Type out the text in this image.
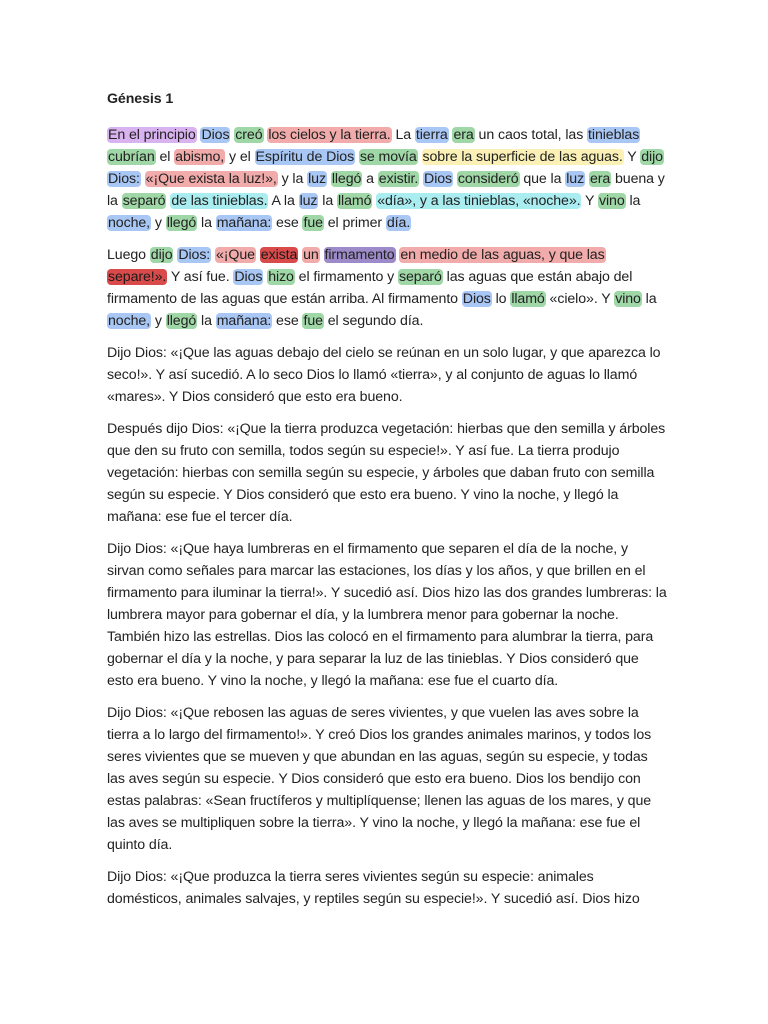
Génesis 1

En el principio Dios creó los cielos y la tierra. La tierra era un caos total, las tinieblas cubrían el abismo, y el Espíritu de Dios se movía sobre la superficie de las aguas. Y dijo Dios: «¡Que exista la luz!», y la luz llegó a existir. Dios consideró que la luz era buena y la separó de las tinieblas. A la luz la llamó «día», y a las tinieblas, «noche». Y vino la noche, y llegó la mañana: ese fue el primer día.

Luego dijo Dios: «¡Que exista un firmamento en medio de las aguas, y que las separe!». Y así fue. Dios hizo el firmamento y separó las aguas que están abajo del firmamento de las aguas que están arriba. Al firmamento Dios lo llamó «cielo». Y vino la noche, y llegó la mañana: ese fue el segundo día.

Dijo Dios: «¡Que las aguas debajo del cielo se reúnan en un solo lugar, y que aparezca lo seco!». Y así sucedió. A lo seco Dios lo llamó «tierra», y al conjunto de aguas lo llamó «mares». Y Dios consideró que esto era bueno.

Después dijo Dios: «¡Que la tierra produzca vegetación: hierbas que den semilla y árboles que den su fruto con semilla, todos según su especie!». Y así fue. La tierra produjo vegetación: hierbas con semilla según su especie, y árboles que daban fruto con semilla según su especie. Y Dios consideró que esto era bueno. Y vino la noche, y llegó la mañana: ese fue el tercer día.

Dijo Dios: «¡Que haya lumbreras en el firmamento que separen el día de la noche, y sirvan como señales para marcar las estaciones, los días y los años, y que brillen en el firmamento para iluminar la tierra!». Y sucedió así. Dios hizo las dos grandes lumbreras: la lumbrera mayor para gobernar el día, y la lumbrera menor para gobernar la noche. También hizo las estrellas. Dios las colocó en el firmamento para alumbrar la tierra, para gobernar el día y la noche, y para separar la luz de las tinieblas. Y Dios consideró que esto era bueno. Y vino la noche, y llegó la mañana: ese fue el cuarto día.

Dijo Dios: «¡Que rebosen las aguas de seres vivientes, y que vuelen las aves sobre la tierra a lo largo del firmamento!». Y creó Dios los grandes animales marinos, y todos los seres vivientes que se mueven y que abundan en las aguas, según su especie, y todas las aves según su especie. Y Dios consideró que esto era bueno. Dios los bendijo con estas palabras: «Sean fructíferos y multiplíquense; llenen las aguas de los mares, y que las aves se multipliquen sobre la tierra». Y vino la noche, y llegó la mañana: ese fue el quinto día.

Dijo Dios: «¡Que produzca la tierra seres vivientes según su especie: animales domésticos, animales salvajes, y reptiles según su especie!». Y sucedió así. Dios hizo
